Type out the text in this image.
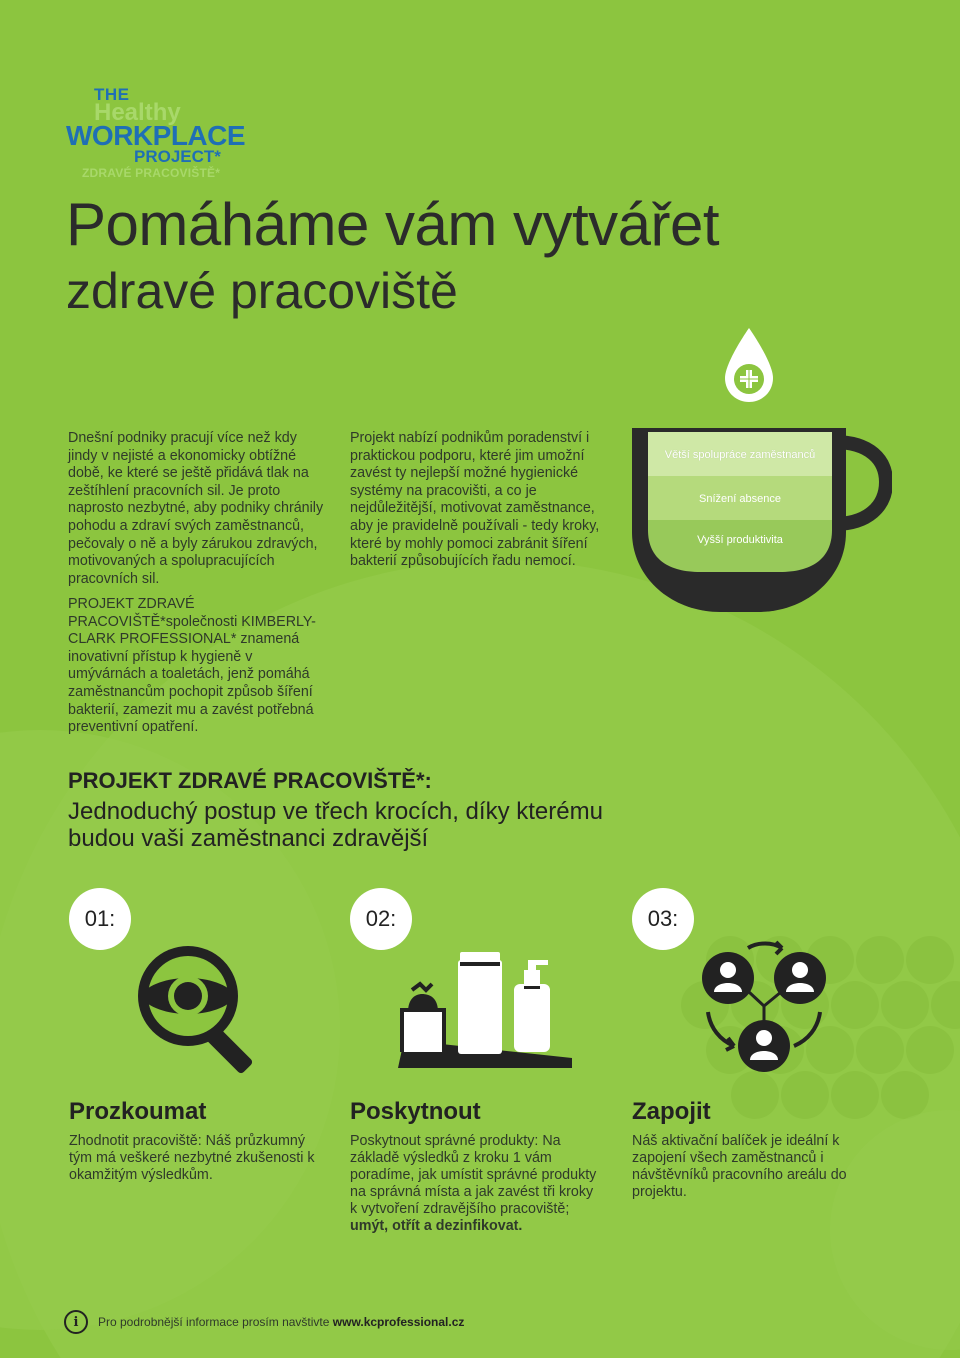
THE
Healthy
WORKPLACE
PROJECT*
ZDRAVÉ PRACOVIŠTĚ*
Pomáháme vám vytvářet
zdravé pracoviště
Větší spolupráce zaměstnanců
Snížení absence
Vyšší produktivita
Dnešní podniky pracují více než kdy jindy v nejisté a ekonomicky obtížné době, ke které se ještě přidává tlak na zeštíhlení pracovních sil. Je proto naprosto nezbytné, aby podniky chránily pohodu a zdraví svých zaměstnanců, pečovaly o ně a byly zárukou zdravých, motivovaných a spolupracujících pracovních sil.
PROJEKT ZDRAVÉ PRACOVIŠTĚ*společnosti KIMBERLY-CLARK PROFESSIONAL* znamená inovativní přístup k hygieně v umývárnách a toaletách, jenž pomáhá zaměstnancům pochopit způsob šíření bakterií, zamezit mu a zavést potřebná preventivní opatření.
Projekt nabízí podnikům poradenství i praktickou podporu, které jim umožní zavést ty nejlepší možné hygienické systémy na pracovišti, a co je nejdůležitější, motivovat zaměstnance, aby je pravidelně používali - tedy kroky, které by mohly pomoci zabránit šíření bakterií způsobujících řadu nemocí.
PROJEKT ZDRAVÉ PRACOVIŠTĚ*:
Jednoduchý postup ve třech krocích, díky kterému budou vaši zaměstnanci zdravější
01:	02:	03:
Prozkoumat	Poskytnout	Zapojit
Zhodnotit pracoviště: Náš průzkumný tým má veškeré nezbytné zkušenosti k okamžitým výsledkům.
Poskytnout správné produkty: Na základě výsledků z kroku 1 vám poradíme, jak umístit správné produkty na správná místa a jak zavést tři kroky k vytvoření zdravějšího pracoviště; umýt, otřít a dezinfikovat.
Náš aktivační balíček je ideální k zapojení všech zaměstnanců i návštěvníků pracovního areálu do projektu.
i	Pro podrobnější informace prosím navštivte www.kcprofessional.cz
